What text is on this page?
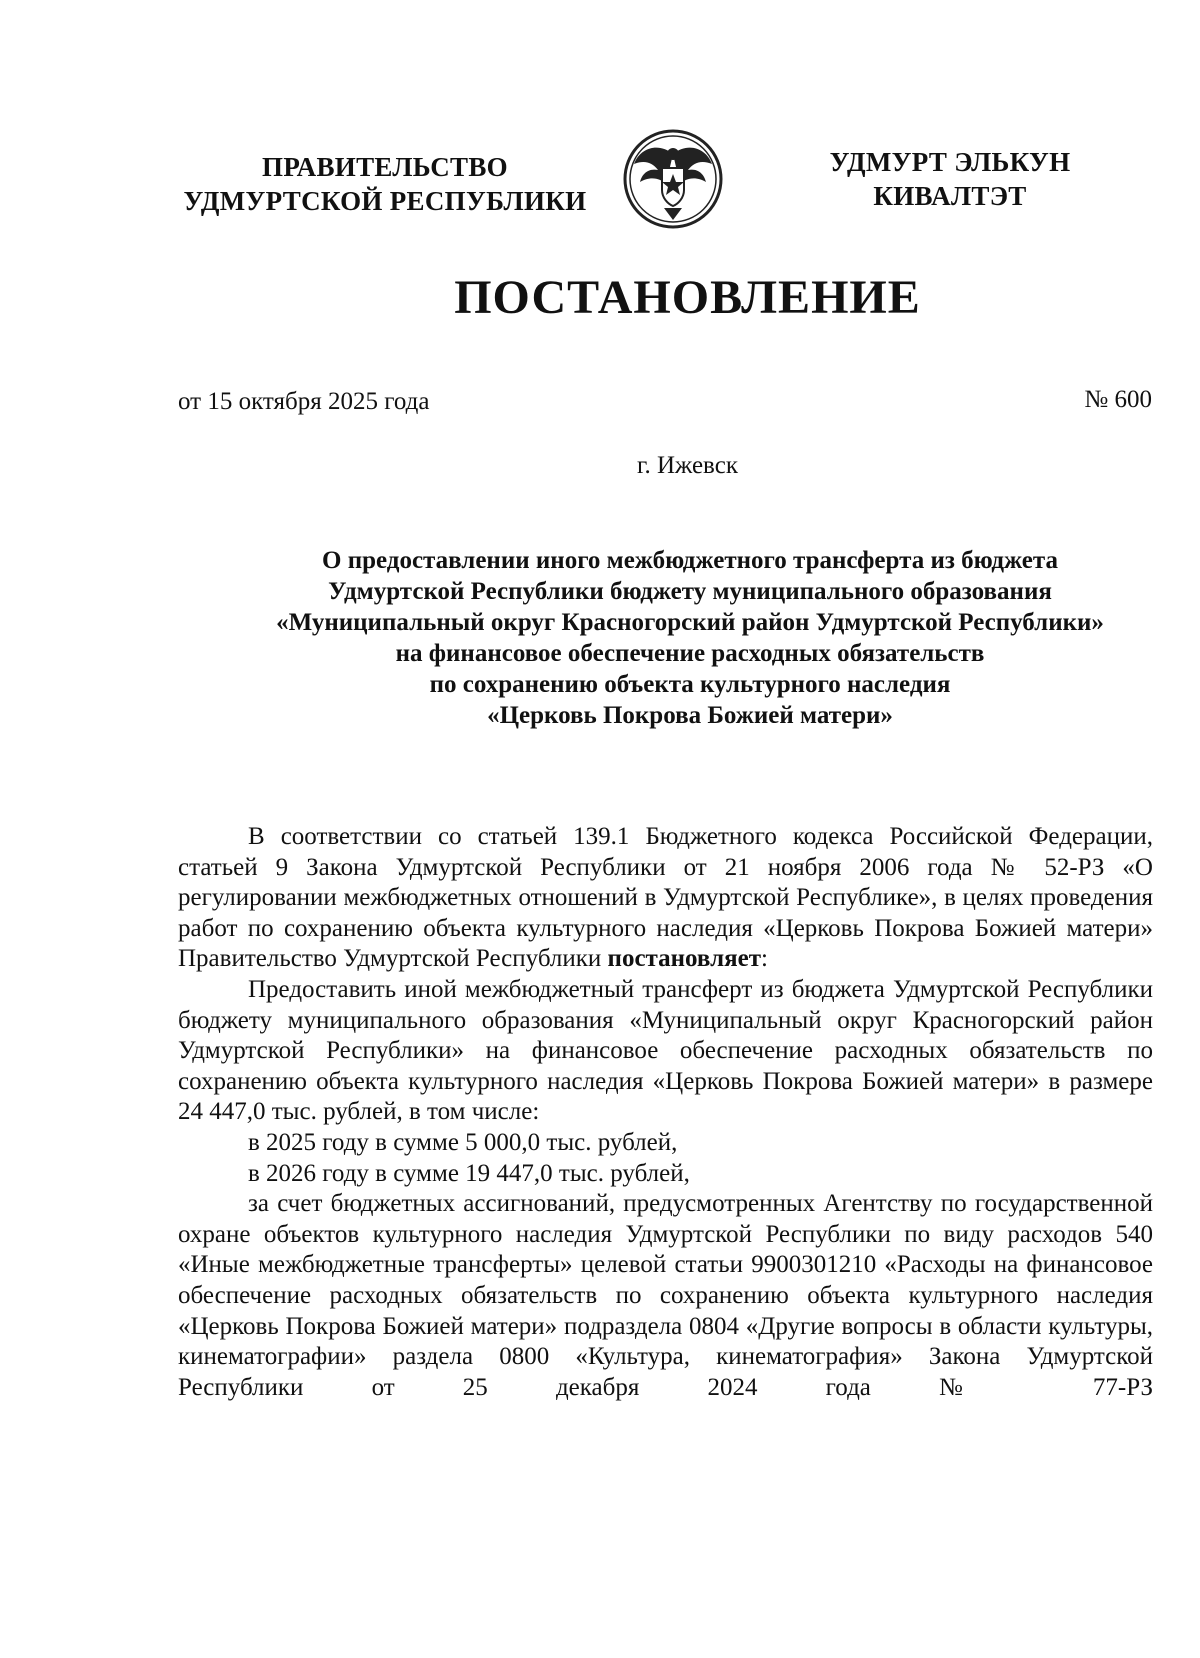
ПРАВИТЕЛЬСТВО
УДМУРТСКОЙ РЕСПУБЛИКИ
УДМУРТ ЭЛЬКУН
КИВАЛТЭТ
ПОСТАНОВЛЕНИЕ
от 15 октября 2025 года	№ 600
г. Ижевск
О предоставлении иного межбюджетного трансферта из бюджета
Удмуртской Республики бюджету муниципального образования
«Муниципальный округ Красногорский район Удмуртской Республики»
на финансовое обеспечение расходных обязательств
по сохранению объекта культурного наследия
«Церковь Покрова Божией матери»

В соответствии со статьей 139.1 Бюджетного кодекса Российской Федерации, статьей 9 Закона Удмуртской Республики от 21 ноября 2006 года № 52-РЗ «О регулировании межбюджетных отношений в Удмуртской Республике», в целях проведения работ по сохранению объекта культурного наследия «Церковь Покрова Божией матери» Правительство Удмуртской Республики постановляет:

Предоставить иной межбюджетный трансферт из бюджета Удмуртской Республики бюджету муниципального образования «Муниципальный округ Красногорский район Удмуртской Республики» на финансовое обеспечение расходных обязательств по сохранению объекта культурного наследия «Церковь Покрова Божией матери» в размере 24 447,0 тыс. рублей, в том числе:

в 2025 году в сумме 5 000,0 тыс. рублей,

в 2026 году в сумме 19 447,0 тыс. рублей,

за счет бюджетных ассигнований, предусмотренных Агентству по государственной охране объектов культурного наследия Удмуртской Республики по виду расходов 540 «Иные межбюджетные трансферты» целевой статьи 9900301210 «Расходы на финансовое обеспечение расходных обязательств по сохранению объекта культурного наследия «Церковь Покрова Божией матери» подраздела 0804 «Другие вопросы в области культуры, кинематографии» раздела 0800 «Культура, кинематография» Закона Удмуртской Республики от 25 декабря 2024 года № 77-РЗ
